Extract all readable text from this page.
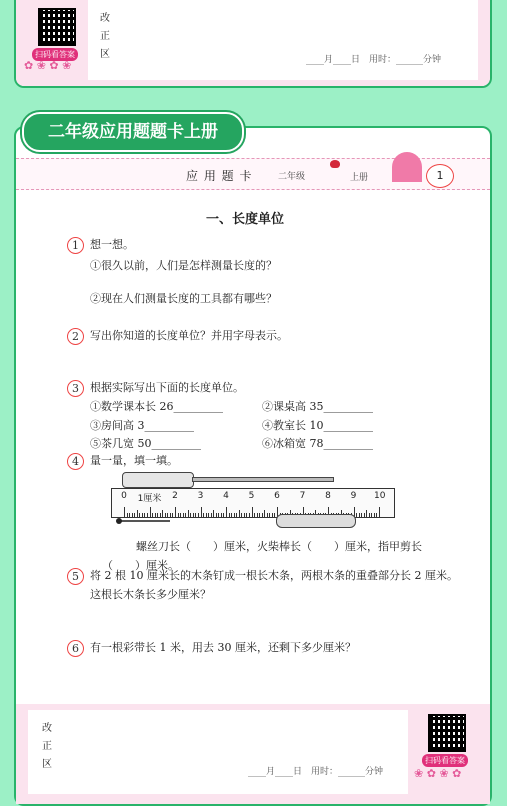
扫码看答案
✿ ❀ ✿ ❀
改
正
区	____月____日　用时：______分钟
应 用 题 卡	二年级	上册	1
一、长度单位
1	想一想。
①很久以前，人们是怎样测量长度的？
②现在人们测量长度的工具都有哪些？
2	写出你知道的长度单位？并用字母表示。
3	根据实际写出下面的长度单位。
①数学课本长 26_________	②课桌高 35_________
③房间高 3_________	④教室长 10_________
⑤茶几宽 50_________	⑥冰箱宽 78_________
4	量一量，填一填。
0	1厘米	2 3 4 5 6 7 8 9 10
螺丝刀长（　　）厘米，火柴棒长（　　）厘米，指甲剪长
（　　）厘米。
5	将 2 根 10 厘米长的木条钉成一根长木条，两根木条的重叠部分长 2 厘米。
这根长木条长多少厘米？
6	有一根彩带长 1 米，用去 30 厘米，还剩下多少厘米？
改
正
区
____月____日　用时：______分钟
扫码看答案
❀ ✿ ❀ ✿
二年级应用题题卡上册
